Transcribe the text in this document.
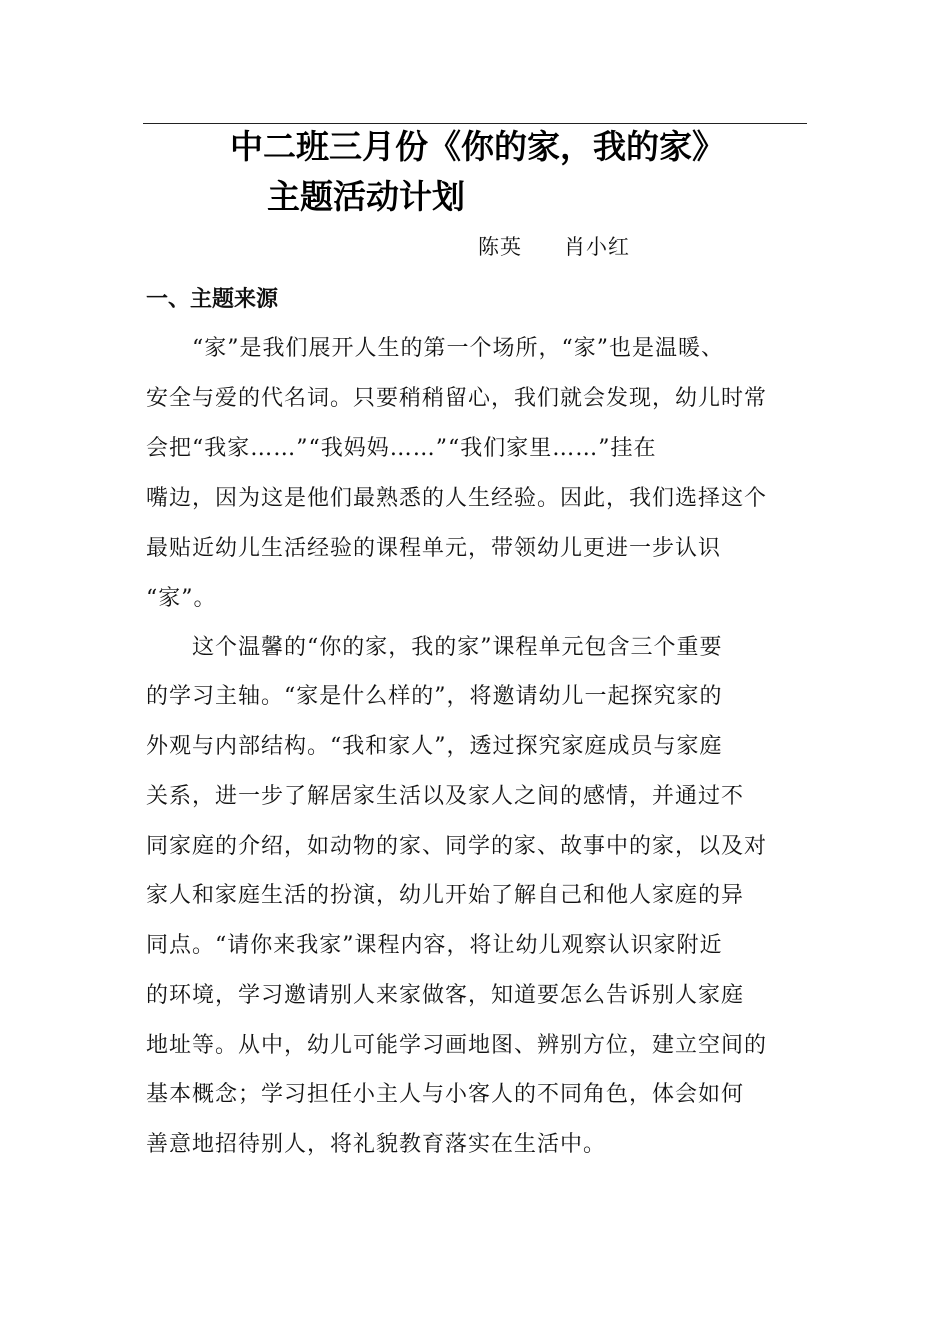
中二班三月份《你的家，我的家》
主题活动计划
陈英 肖小红
一、主题来源
　　“家”是我们展开人生的第一个场所，“家”也是温暖、
安全与爱的代名词。只要稍稍留心，我们就会发现，幼儿时常
会把“我家……”“我妈妈……”“我们家里……”挂在
嘴边，因为这是他们最熟悉的人生经验。因此，我们选择这个
最贴近幼儿生活经验的课程单元，带领幼儿更进一步认识
“家”。
　　这个温馨的“你的家，我的家”课程单元包含三个重要
的学习主轴。“家是什么样的”，将邀请幼儿一起探究家的
外观与内部结构。“我和家人”，透过探究家庭成员与家庭
关系，进一步了解居家生活以及家人之间的感情，并通过不
同家庭的介绍，如动物的家、同学的家、故事中的家，以及对
家人和家庭生活的扮演，幼儿开始了解自己和他人家庭的异
同点。“请你来我家”课程内容，将让幼儿观察认识家附近
的环境，学习邀请别人来家做客，知道要怎么告诉别人家庭
地址等。从中，幼儿可能学习画地图、辨别方位，建立空间的
基本概念；学习担任小主人与小客人的不同角色，体会如何
善意地招待别人，将礼貌教育落实在生活中。
